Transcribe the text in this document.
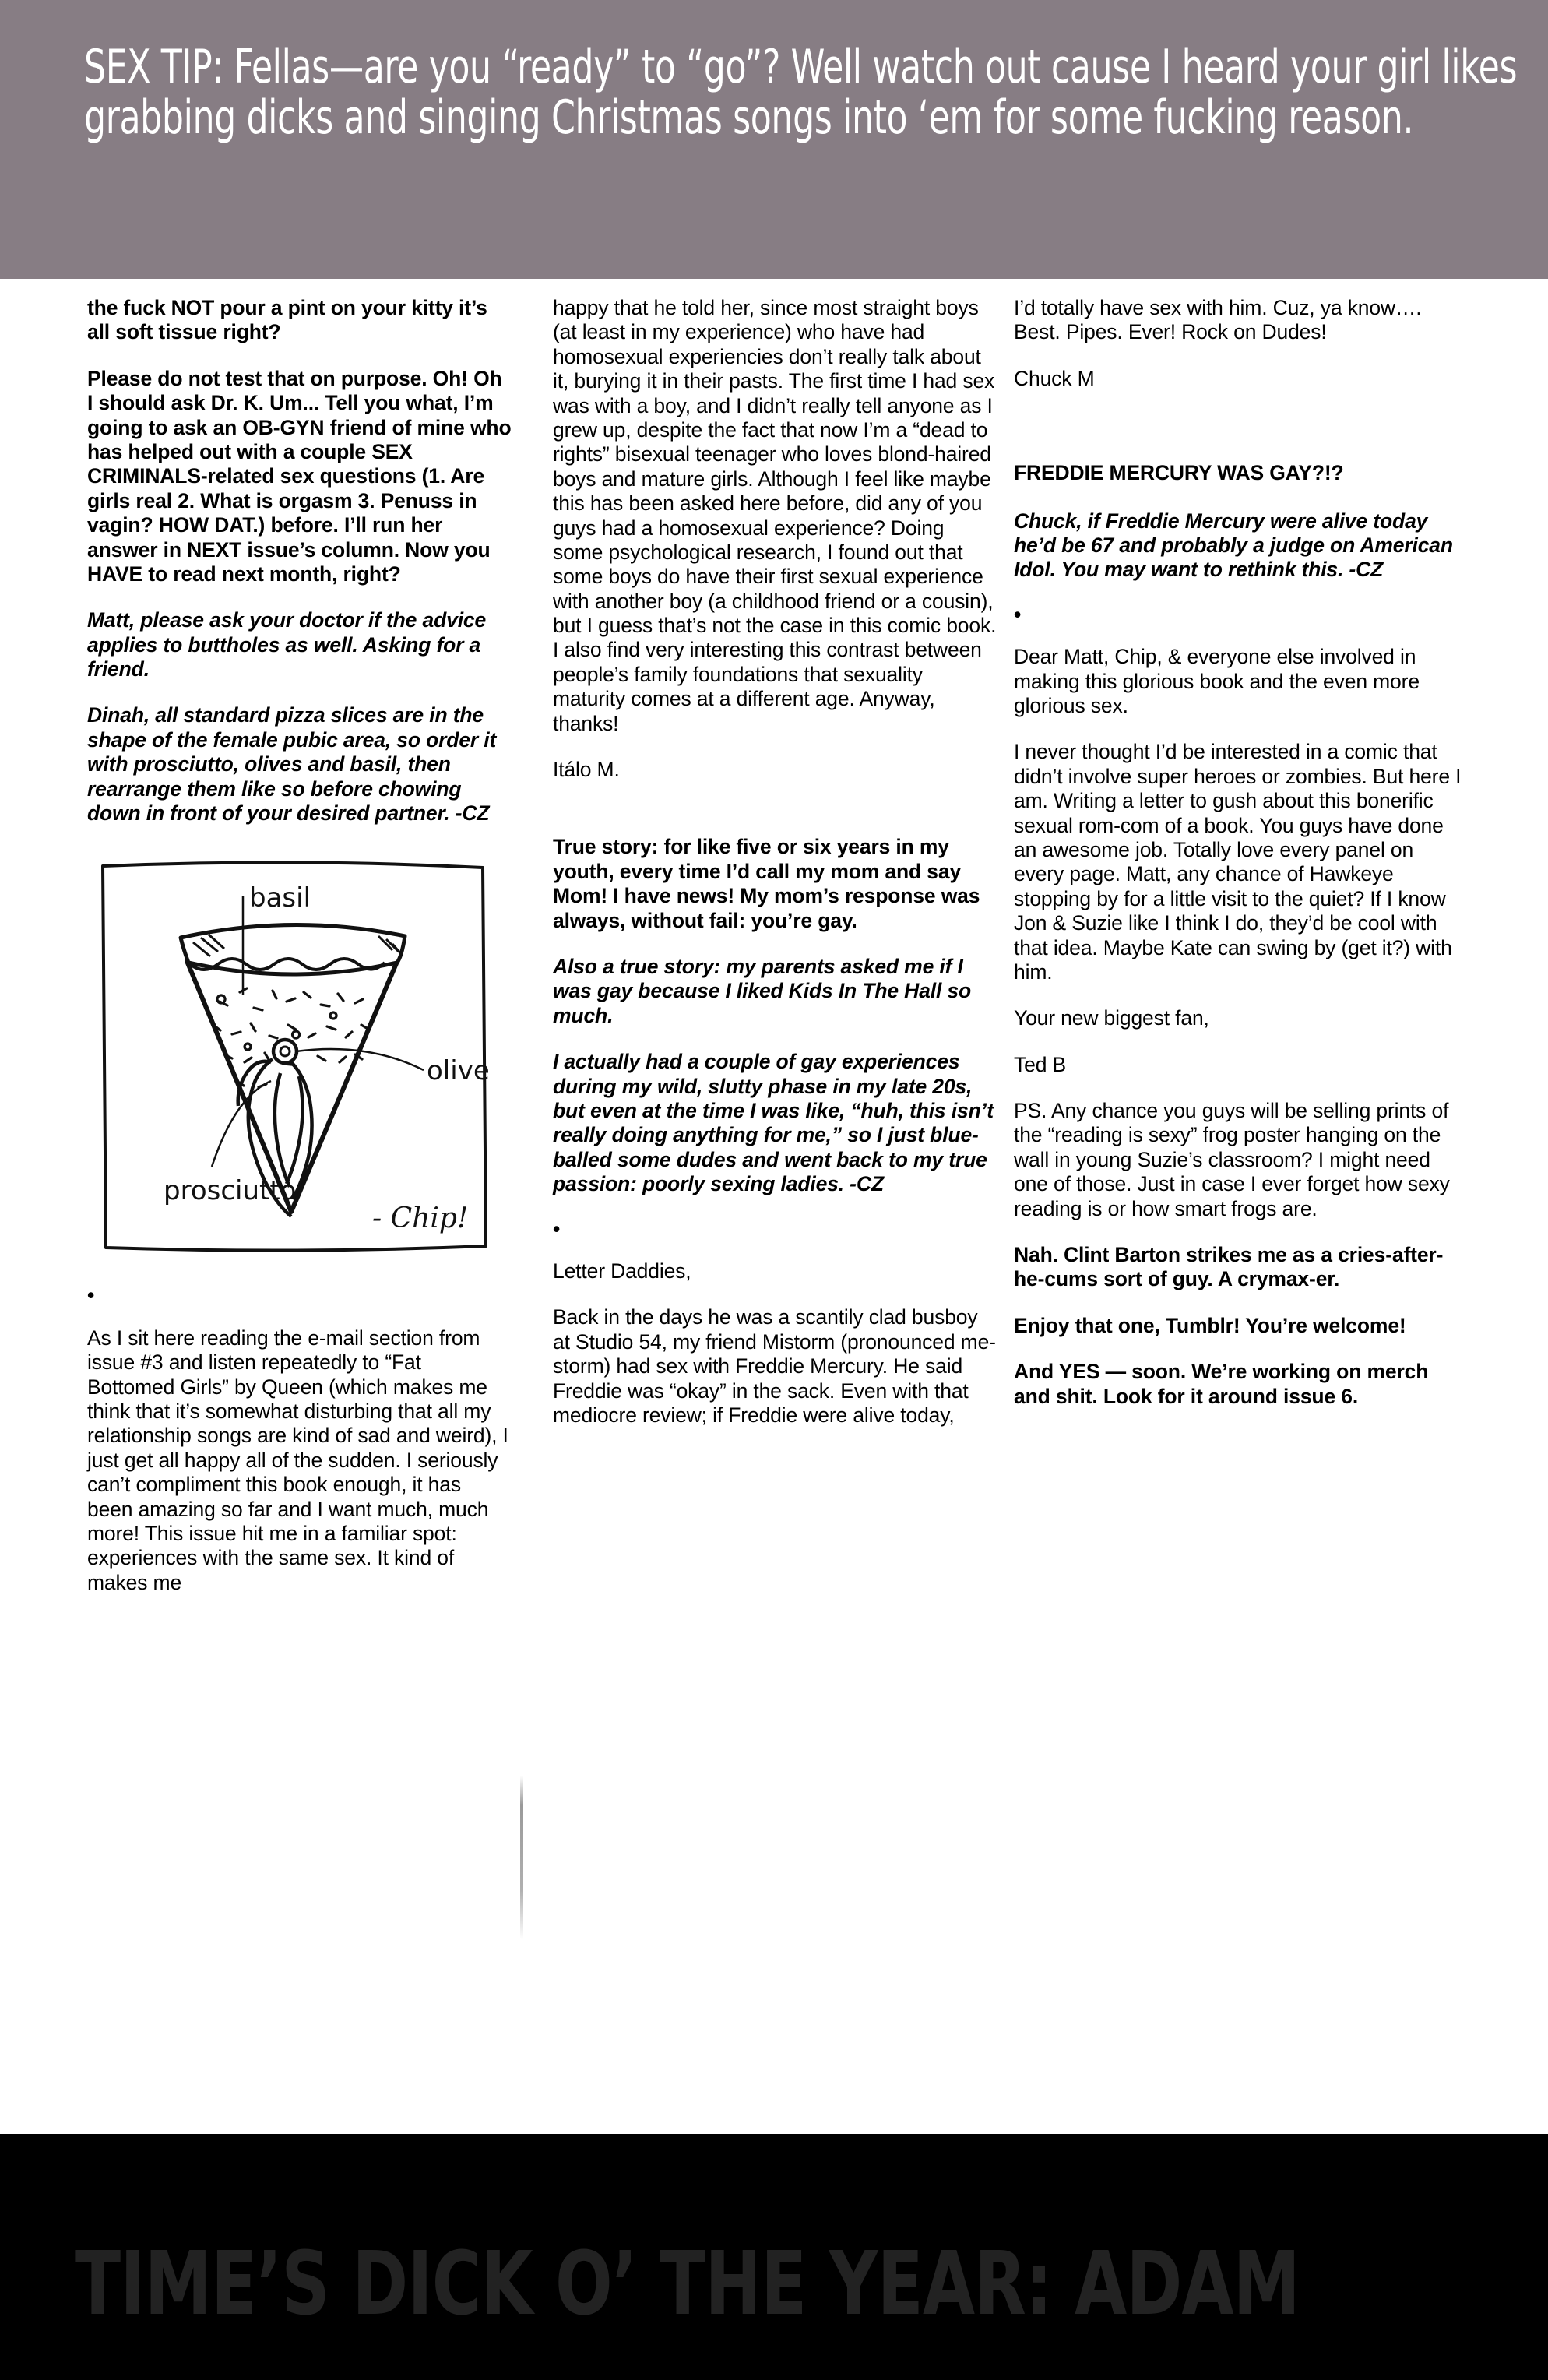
SEX TIP: Fellas—are you “ready” to “go”? Well watch out cause I heard your girl likes grabbing dicks and singing Christmas songs into ‘em for some fucking reason.

the fuck NOT pour a pint on your kitty it’s all soft tissue right?

Please do not test that on purpose. Oh! Oh I should ask Dr. K. Um... Tell you what, I’m going to ask an OB-GYN friend of mine who has helped out with a couple SEX CRIMINALS-related sex questions (1. Are girls real 2. What is orgasm 3. Penuss in vagin? HOW DAT.) before. I’ll run her answer in NEXT issue’s column. Now you HAVE to read next month, right?

Matt, please ask your doctor if the advice applies to buttholes as well. Asking for a friend.

Dinah, all standard pizza slices are in the shape of the female pubic area, so order it with prosciutto, olives and basil, then rearrange them like so before chowing down in front of your desired partner. -CZ

basil
olive
prosciutto
- Chip!

•

As I sit here reading the e-mail section from issue #3 and listen repeatedly to “Fat Bottomed Girls” by Queen (which makes me think that it’s somewhat disturbing that all my relationship songs are kind of sad and weird), I just get all happy all of the sudden. I seriously can’t compliment this book enough, it has been amazing so far and I want much, much more! This issue hit me in a familiar spot: experiences with the same sex. It kind of makes me

happy that he told her, since most straight boys (at least in my experience) who have had homosexual experiencies don’t really talk about it, burying it in their pasts. The first time I had sex was with a boy, and I didn’t really tell anyone as I grew up, despite the fact that now I’m a “dead to rights” bisexual teenager who loves blond-haired boys and mature girls. Although I feel like maybe this has been asked here before, did any of you guys had a homosexual experience? Doing some psychological research, I found out that some boys do have their first sexual experience with another boy (a childhood friend or a cousin), but I guess that’s not the case in this comic book. I also find very interesting this contrast between people’s family foundations that sexuality maturity comes at a different age. Anyway, thanks!

Itálo M.

True story: for like five or six years in my youth, every time I’d call my mom and say Mom! I have news! My mom’s response was always, without fail: you’re gay.

Also a true story: my parents asked me if I was gay because I liked Kids In The Hall so much.

I actually had a couple of gay experiences during my wild, slutty phase in my late 20s, but even at the time I was like, “huh, this isn’t really doing anything for me,” so I just blue-balled some dudes and went back to my true passion: poorly sexing ladies. -CZ

•

Letter Daddies,

Back in the days he was a scantily clad busboy at Studio 54, my friend Mistorm (pronounced me-storm) had sex with Freddie Mercury. He said Freddie was “okay” in the sack. Even with that mediocre review; if Freddie were alive today,

I’d totally have sex with him. Cuz, ya know…. Best. Pipes. Ever! Rock on Dudes!

Chuck M

FREDDIE MERCURY WAS GAY?!?

Chuck, if Freddie Mercury were alive today he’d be 67 and probably a judge on American Idol. You may want to rethink this. -CZ

•

Dear Matt, Chip, & everyone else involved in making this glorious book and the even more glorious sex.

I never thought I’d be interested in a comic that didn’t involve super heroes or zombies. But here I am. Writing a letter to gush about this bonerific sexual rom-com of a book. You guys have done an awesome job. Totally love every panel on every page. Matt, any chance of Hawkeye stopping by for a little visit to the quiet? If I know Jon & Suzie like I think I do, they’d be cool with that idea. Maybe Kate can swing by (get it?) with him.

Your new biggest fan,

Ted B

PS. Any chance you guys will be selling prints of the “reading is sexy” frog poster hanging on the wall in young Suzie’s classroom? I might need one of those. Just in case I ever forget how sexy reading is or how smart frogs are.

Nah. Clint Barton strikes me as a cries-after-he-cums sort of guy. A crymax-er.

Enjoy that one, Tumblr! You’re welcome!

And YES — soon. We’re working on merch and shit. Look for it around issue 6.

TIME’S DICK O’ THE YEAR: ADAM
